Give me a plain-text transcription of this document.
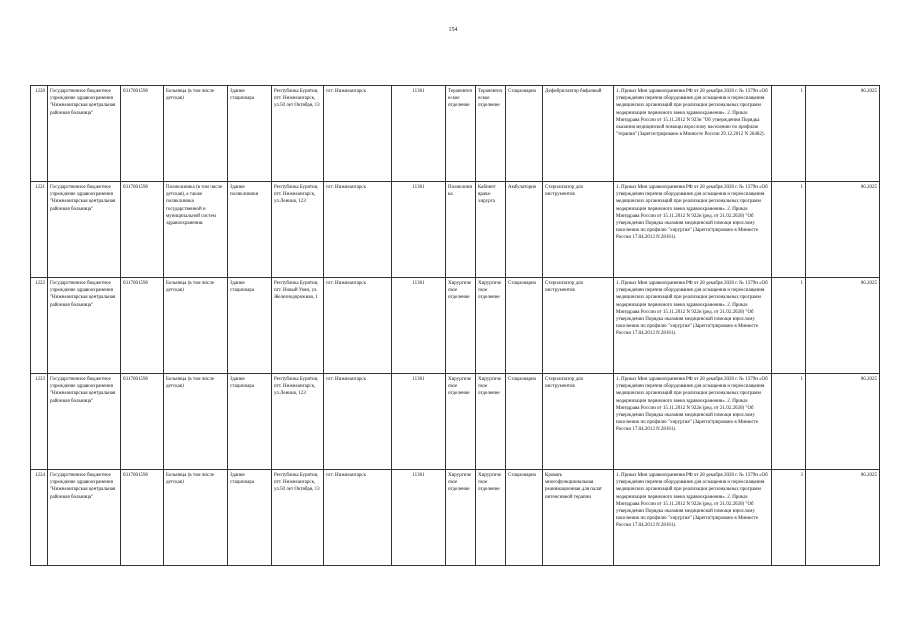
154
1220	Государственное бюджетное учреждение здравоохранения "Нижнеангарская центральная районная больница"	0317001596	Больница (в том числе детская)	Здание стационара	Республика Бурятия, пгт. Нижнеангарск, ул.50 лет Октября, 13	пгт. Нижнеангарск	11301	Терапевтическое отделение	Терапевтическое отделение	Стационарно	Дефибриллятор бифазный	1. Приказ Мин здравоохранения РФ от 28 декабря 2020 г. № 1379н «Об утверждении перечня оборудования для оснащения и переоснащения медицинских организаций при реализации региональных программ модернизации первичного звена здравоохранения». 2. Приказ Минздрава России от 15.11.2012 N 923н "Об утверждении Порядка оказания медицинской помощи взрослому населению по профилю "терапия" (Зарегистрировано в Минюсте России 29.12.2012 N 26482).	1	06.2025
1221	Государственное бюджетное учреждение здравоохранения "Нижнеангарская центральная районная больница"	0317001596	Поликлиника (в том числе детская), а также поликлиника государственной и муниципальной систем здравоохранения.	Здание поликлиники	Республика Бурятия, пгт. Нижнеангарск, ул.Ленина, 123	пгт. Нижнеангарск	11301	Поликлиника	Кабинет врача-хирурга	Амбулаторно	Стерилизатор для инструментов	1. Приказ Мин здравоохранения РФ от 28 декабря 2020 г. № 1379н «Об утверждении перечня оборудования для оснащения и переоснащения медицинских организаций при реализации региональных программ модернизации первичного звена здравоохранения». 2. Приказ Минздрава России от 15.11.2012 N 922н (ред. от 21.02.2020) "Об утверждении Порядка оказания медицинской помощи взрослому населению по профилю "хирургия" (Зарегистрировано в Минюсте России 17.04.2013 N 28161).	1	06.2025
1222	Государственное бюджетное учреждение здравоохранения "Нижнеангарская центральная районная больница"	0317001596	Больница (в том числе детская)	Здание стационара	Республика Бурятия, пгт. Новый Уоян, ул. Железнодорожная, 1	пгт. Нижнеангарск	11301	Хирургическое отделение	Хирургическое отделение	Стационарно	Стерилизатор для инструментов	1. Приказ Мин здравоохранения РФ от 28 декабря 2020 г. № 1379н «Об утверждении перечня оборудования для оснащения и переоснащения медицинских организаций при реализации региональных программ модернизации первичного звена здравоохранения». 2. Приказ Минздрава России от 15.11.2012 N 922н (ред. от 21.02.2020) "Об утверждении Порядка оказания медицинской помощи взрослому населению по профилю "хирургия" (Зарегистрировано в Минюсте России 17.04.2013 N 28161).	1	06.2025
1223	Государственное бюджетное учреждение здравоохранения "Нижнеангарская центральная районная больница"	0317001596	Больница (в том числе детская)	Здание стационара	Республика Бурятия, пгт. Нижнеангарск, ул.Ленина, 123	пгт. Нижнеангарск	11301	Хирургическое отделение	Хирургическое отделение	Стационарно	Стерилизатор для инструментов	1. Приказ Мин здравоохранения РФ от 28 декабря 2020 г. № 1379н «Об утверждении перечня оборудования для оснащения и переоснащения медицинских организаций при реализации региональных программ модернизации первичного звена здравоохранения». 2. Приказ Минздрава России от 15.11.2012 N 922н (ред. от 21.02.2020) "Об утверждении Порядка оказания медицинской помощи взрослому населению по профилю "хирургия" (Зарегистрировано в Минюсте России 17.04.2013 N 28161).	1	06.2025
1224	Государственное бюджетное учреждение здравоохранения "Нижнеангарская центральная районная больница"	0317001596	Больница (в том числе детская)	Здание стационара	Республика Бурятия, пгт. Нижнеангарск, ул.50 лет Октября, 13	пгт. Нижнеангарск	11301	Хирургическое отделение	Хирургическое отделение	Стационарно	Кровать многофункциональная реанимационная для палат интенсивной терапии	1. Приказ Мин здравоохранения РФ от 28 декабря 2020 г. № 1379н «Об утверждении перечня оборудования для оснащения и переоснащения медицинских организаций при реализации региональных программ модернизации первичного звена здравоохранения». 2. Приказ Минздрава России от 15.11.2012 N 922н (ред. от 21.02.2020) "Об утверждении Порядка оказания медицинской помощи взрослому населению по профилю "хирургия" (Зарегистрировано в Минюсте России 17.04.2013 N 28161).	3	06.2025
